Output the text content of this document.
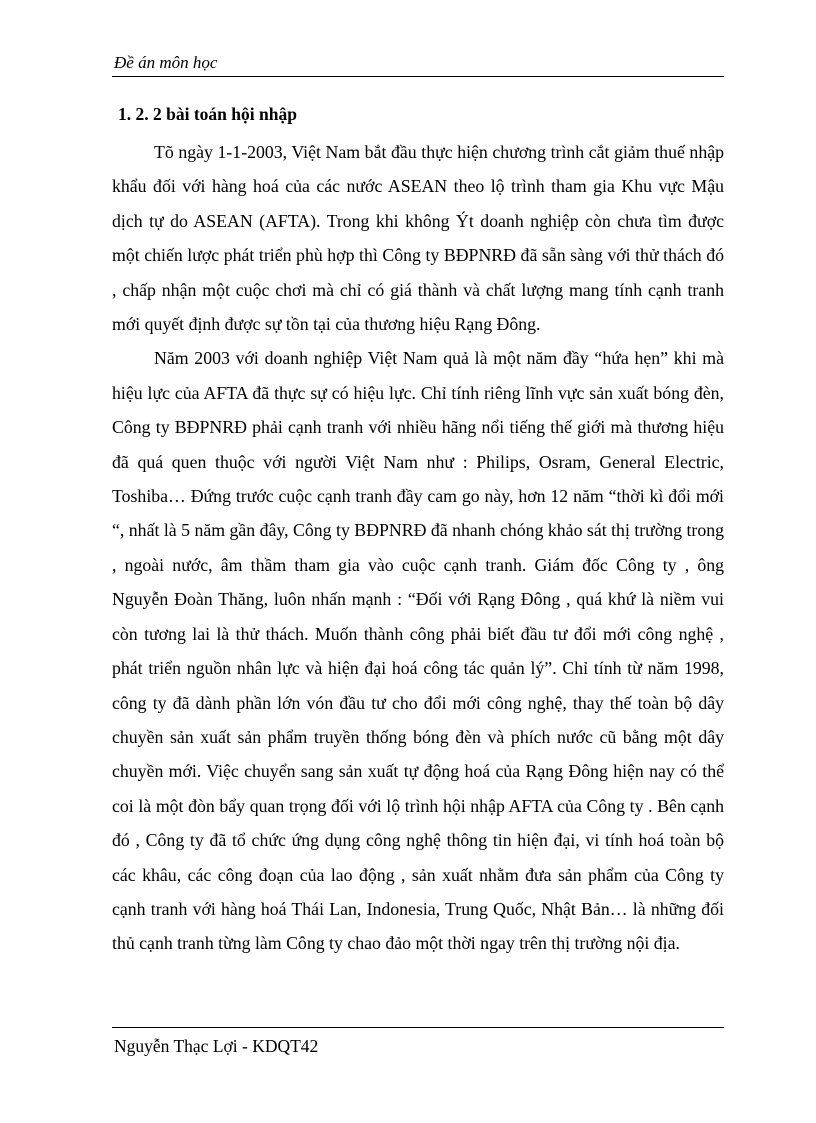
Đề án môn học
1. 2. 2 bài toán hội nhập

Tõ ngày 1-1-2003, Việt Nam bắt đầu thực hiện chương trình cắt giảm thuế nhập khẩu đối với hàng hoá của các nước ASEAN theo lộ trình tham gia Khu vực Mậu dịch tự do ASEAN (AFTA). Trong khi không Ýt doanh nghiệp còn chưa tìm được một chiến lược phát triển phù hợp thì Công ty BĐPNRĐ đã sẵn sàng với thử thách đó , chấp nhận một cuộc chơi mà chỉ có giá thành và chất lượng mang tính cạnh tranh mới quyết định được sự tồn tại của thương hiệu Rạng Đông.

Năm 2003 với doanh nghiệp Việt Nam quả là một năm đầy “hứa hẹn” khi mà hiệu lực của AFTA đã thực sự có hiệu lực. Chỉ tính riêng lĩnh vực sản xuất bóng đèn, Công ty BĐPNRĐ phải cạnh tranh với nhiều hãng nổi tiếng thế giới mà thương hiệu đã quá quen thuộc với người Việt Nam như : Philips, Osram, General Electric, Toshiba… Đứng trước cuộc cạnh tranh đầy cam go này, hơn 12 năm “thời kì đổi mới “, nhất là 5 năm gần đây, Công ty BĐPNRĐ đã nhanh chóng khảo sát thị trường trong , ngoài nước, âm thầm tham gia vào cuộc cạnh tranh. Giám đốc Công ty , ông Nguyễn Đoàn Thăng, luôn nhấn mạnh : “Đối với Rạng Đông , quá khứ là niềm vui còn tương lai là thử thách. Muốn thành công phải biết đầu tư đổi mới công nghệ , phát triển nguồn nhân lực và hiện đại hoá công tác quản lý”. Chỉ tính từ năm 1998, công ty đã dành phần lớn vón đầu tư cho đổi mới công nghệ, thay thế toàn bộ dây chuyền sản xuất sản phẩm truyền thống bóng đèn và phích nước cũ bằng một dây chuyền mới. Việc chuyển sang sản xuất tự động hoá của Rạng Đông hiện nay có thể coi là một đòn bẩy quan trọng đối với lộ trình hội nhập AFTA của Công ty . Bên cạnh đó , Công ty đã tổ chức ứng dụng công nghệ thông tin hiện đại, vi tính hoá toàn bộ các khâu, các công đoạn của lao động , sản xuất nhằm đưa sản phẩm của Công ty cạnh tranh với hàng hoá Thái Lan, Indonesia, Trung Quốc, Nhật Bản… là những đối thủ cạnh tranh từng làm Công ty chao đảo một thời ngay trên thị trường nội địa.

Nguyễn Thạc Lợi - KDQT42
